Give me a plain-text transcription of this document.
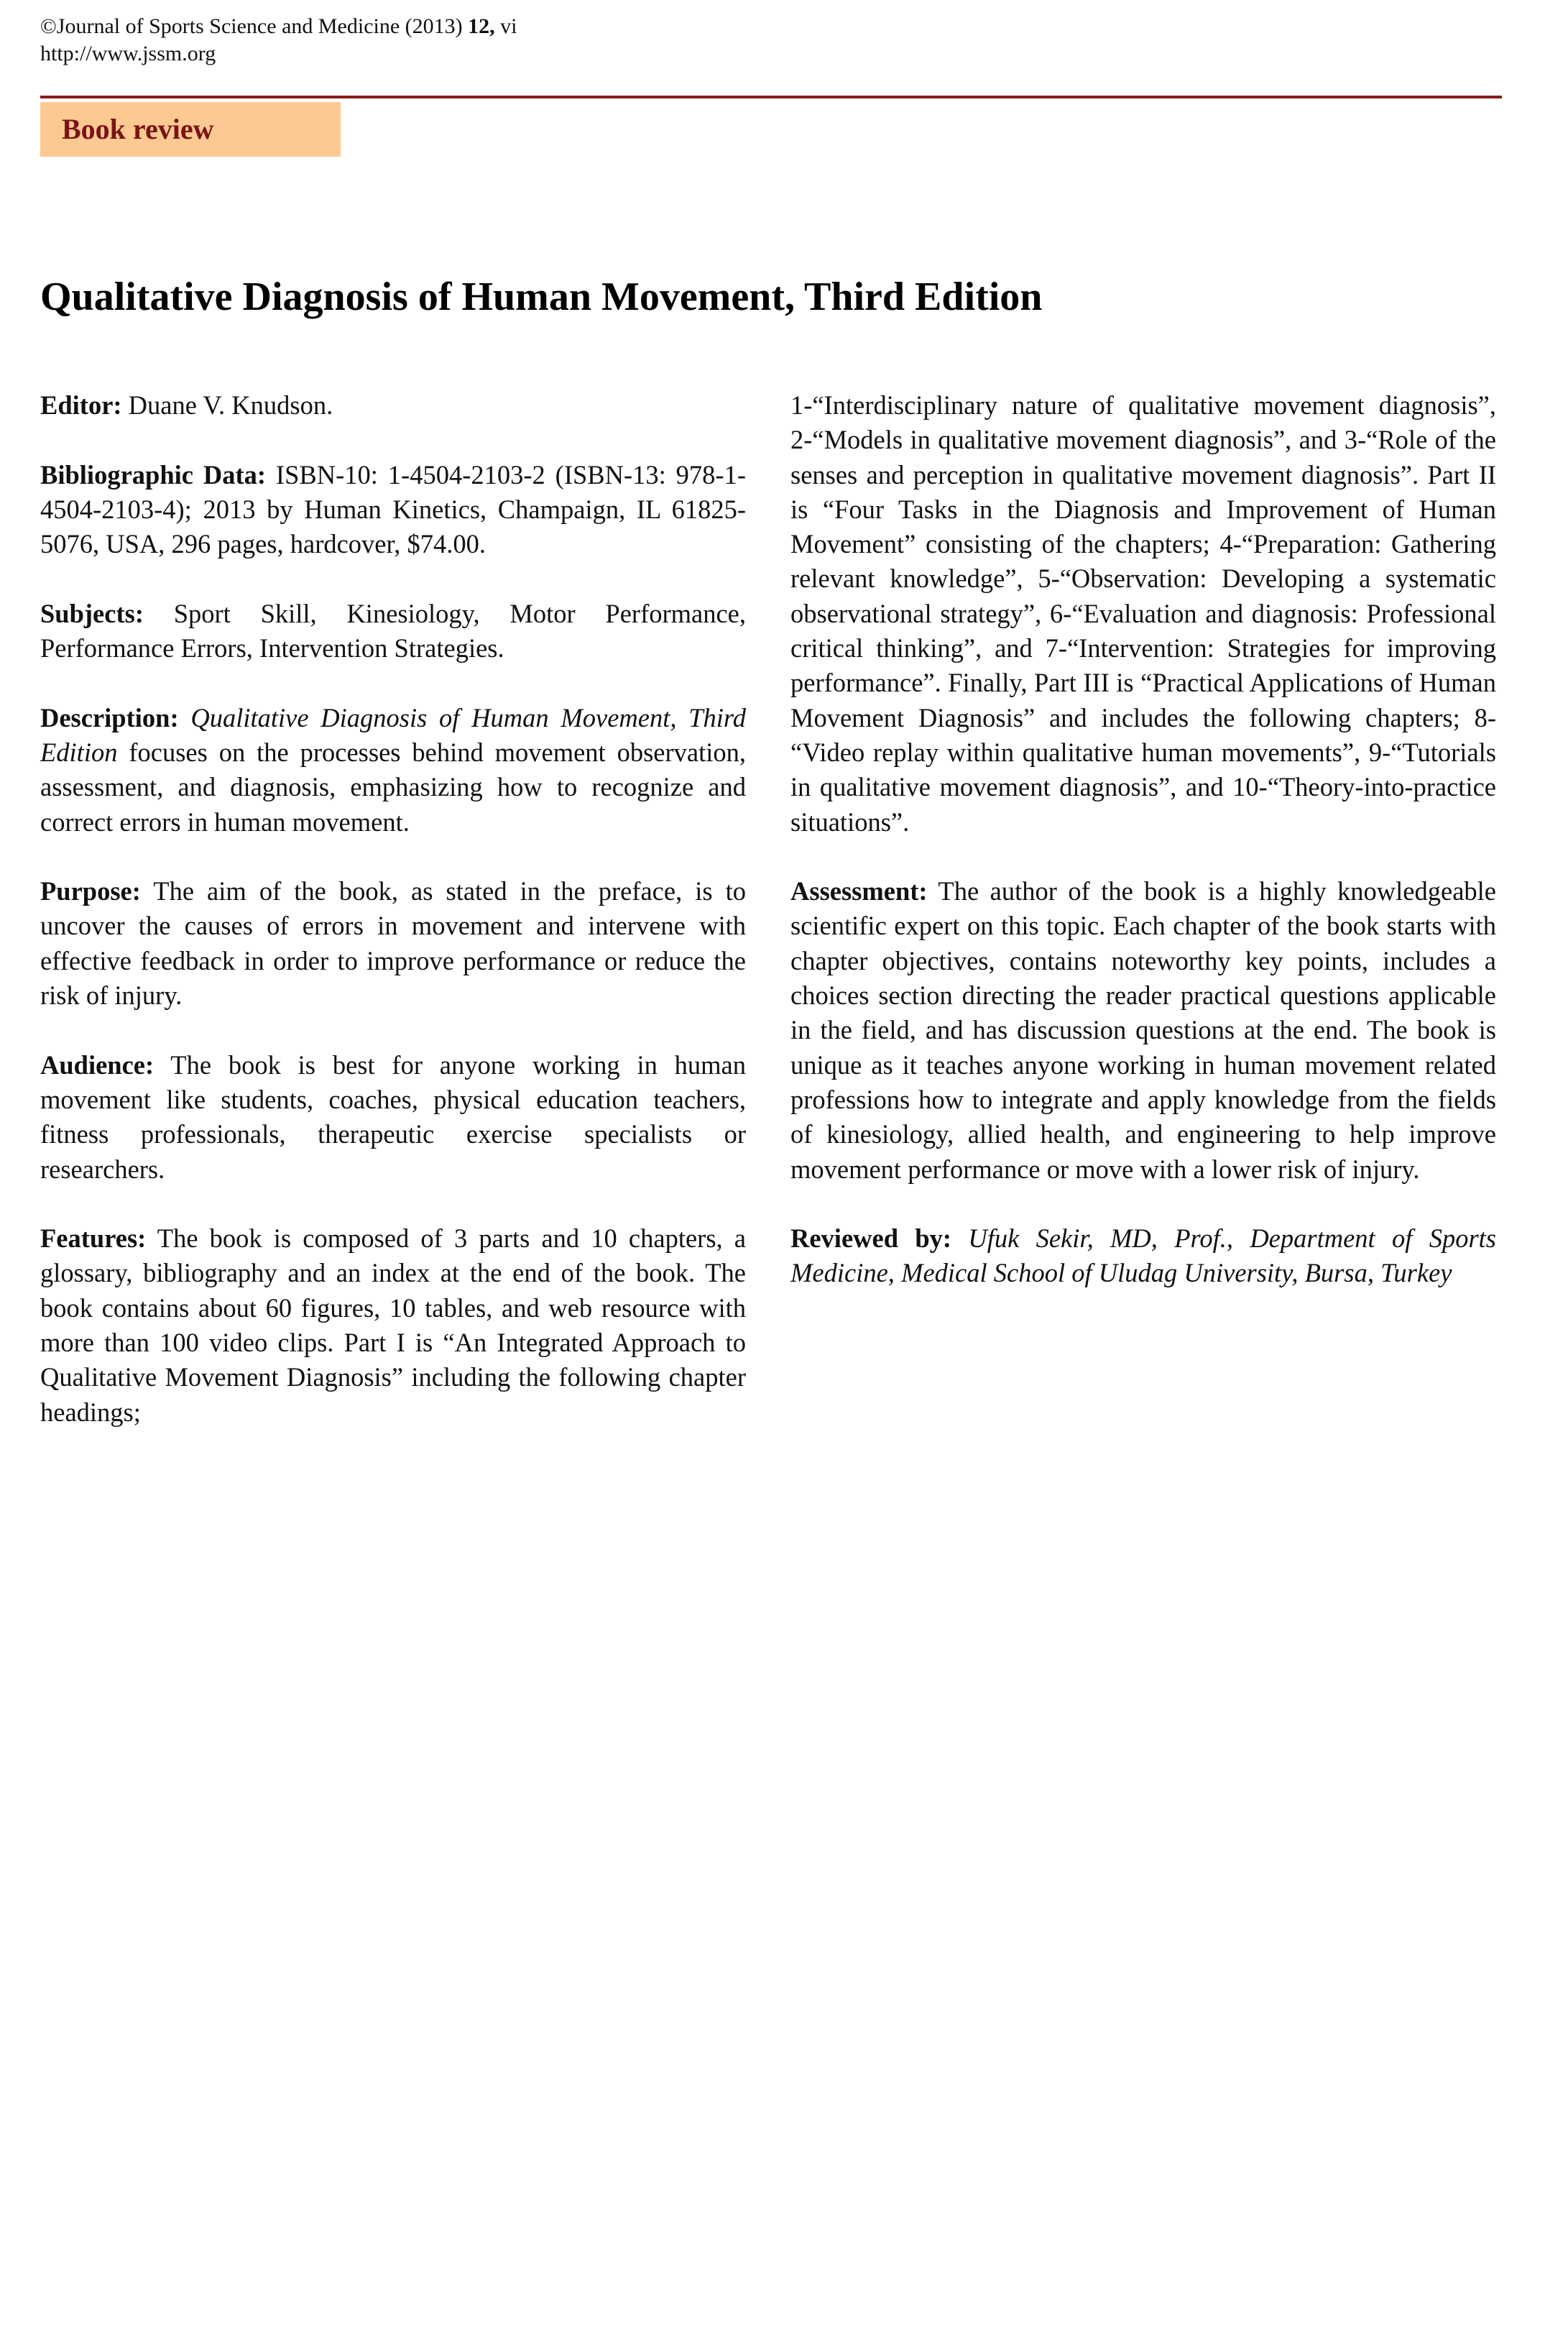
©Journal of Sports Science and Medicine (2013) 12, vi
http://www.jssm.org
Book review
Qualitative Diagnosis of Human Movement, Third Edition

Editor: Duane V. Knudson.

Bibliographic Data: ISBN-10: 1-4504-2103-2 (ISBN-13: 978-1-4504-2103-4); 2013 by Human Kinetics, Champaign, IL 61825-5076, USA, 296 pages, hardcover, $74.00.

Subjects: Sport Skill, Kinesiology, Motor Performance, Performance Errors, Intervention Strategies.

Description: Qualitative Diagnosis of Human Movement, Third Edition focuses on the processes behind movement observation, assessment, and diagnosis, emphasizing how to recognize and correct errors in human movement.

Purpose: The aim of the book, as stated in the preface, is to uncover the causes of errors in movement and intervene with effective feedback in order to improve performance or reduce the risk of injury.

Audience: The book is best for anyone working in human movement like students, coaches, physical education teachers, fitness professionals, therapeutic exercise specialists or researchers.

Features: The book is composed of 3 parts and 10 chapters, a glossary, bibliography and an index at the end of the book. The book contains about 60 figures, 10 tables, and web resource with more than 100 video clips. Part I is “An Integrated Approach to Qualitative Movement Diagnosis” including the following chapter headings;

1-“Interdisciplinary nature of qualitative movement diagnosis”, 2-“Models in qualitative movement diagnosis”, and 3-“Role of the senses and perception in qualitative movement diagnosis”. Part II is “Four Tasks in the Diagnosis and Improvement of Human Movement” consisting of the chapters; 4-“Preparation: Gathering relevant knowledge”, 5-“Observation: Developing a systematic observational strategy”, 6-“Evaluation and diagnosis: Professional critical thinking”, and 7-“Intervention: Strategies for improving performance”. Finally, Part III is “Practical Applications of Human Movement Diagnosis” and includes the following chapters; 8- “Video replay within qualitative human movements”, 9-“Tutorials in qualitative movement diagnosis”, and 10-“Theory-into-practice situations”.

Assessment: The author of the book is a highly knowledgeable scientific expert on this topic. Each chapter of the book starts with chapter objectives, contains noteworthy key points, includes a choices section directing the reader practical questions applicable in the field, and has discussion questions at the end. The book is unique as it teaches anyone working in human movement related professions how to integrate and apply knowledge from the fields of kinesiology, allied health, and engineering to help improve movement performance or move with a lower risk of injury.

Reviewed by: Ufuk Sekir, MD, Prof., Department of Sports Medicine, Medical School of Uludag University, Bursa, Turkey
